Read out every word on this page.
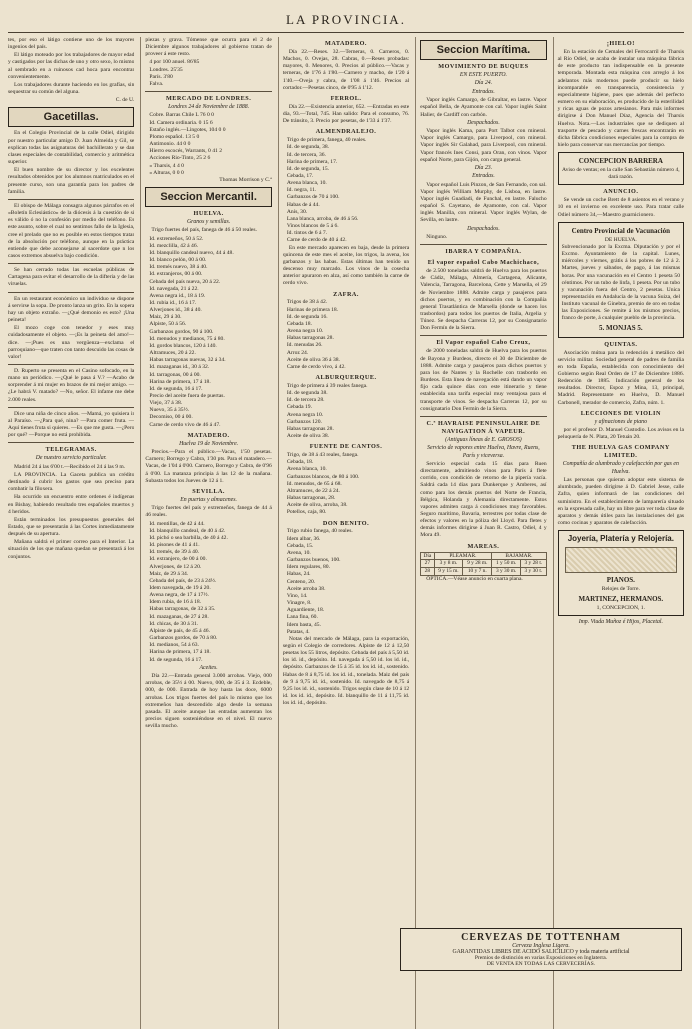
LA PROVINCIA.

tes, por eso el látigo contiene uno de los mayores ingenios del país.

El látigo moteado por los trabajadores de mayor edad y castigados por las dichas de uno y otro sexo, lo mismo al sembrado en a ruinosos cad hoca para encontrar convenientemente.

Los trabajadores durante haciendo en los grafías, sin sequestrar su común del alguna.

C. de U.
Gacetillas.

En el Colegio Provincial de la calle Odiel, dirigido por nuestro particular amigo D. Juan Almeida y Gil, se explican todas las asignaturas del bachillerato y se dan clases especiales de contabilidad, comercio y aritmética superior.

El buen nombre de su director y los excelentes resultados obtenidos por los alumnos matriculados en el presente curso, son una garantía para los padres de familia.

El obispo de Málaga consagra algunos párrafos en el «Boletín Eclesiástico» de la diócesis á la cuestión de si es válido ó no la confesión por medio del teléfono. Es este asunto, sobre el cual no sentimos fallo de la Iglesia, cree el prelado que no es posible en estos tiempos tratar de la absolución por teléfono, aunque en la práctica entiende que debe aconsejarse al sacerdote que n los casos extremos absuelva bajo condición.

Se han cerrado todas las escuelas públicas de Cartagena para evitar el desarrollo de la difteria y de las viruelas.

En un restaurant económico un individuo se dispone á servirse la sopa. De pronto lanza un grito. En la sopera hay un objeto extraño. —¿Qué demonio es esto? ¡Una peineta!

El mozo coge con tenedor y eses muy cuidadosamente el objeto. —¡Es la peineta del amo!—dice. —¡Pues es una vergüenza—exclama el parroquiano—que traten con tanto descuido las cosas de valor!

D. Ruperto se presenta en el Casino sofocado, en la mano un periódico. —¿Qué le pasa á V.? —Acabo de sorprender á mi mujer en brazos de mi mejor amigo. —¿Le habrá V. matado? —No, señor. El infame me debe 2.000 reales.

Dice una niña de cinco años. —Mamá, yo quisiera ir al Paraíso. —¿Para qué, nina? —Para comer fruta. —Aquí tienes fruta si quieres. —Es que me gusta. —¿Pero por qué? —Porque no está prohibida.

TELEGRAMAS.
De nuestro servicio particular.

Madrid 24 á las 6'00 t.—Recibido el 24 á las 9 m.

LA PROVINCIA. La Gaceta publica un crédito destinado á cubrir los gastos que sea preciso para combatir la filoxera.

Ha ocurrido un encuentro entre ordenes é indígenas en Bisbay, habiendo resultado tres españoles muertos y 4 heridos.

Están terminados los presupuestos generales del Estado, que se presentarán á las Cortes inmediatamente después de su apertura.

Mañana saldrá el primer correo para el Interior. La situación de los que mañana quedan se presentará á los conjuntos.

piezas y grava. Tómense que ocurra para el 2 de Diciembre algunos trabajadores al gobierno tratan de proveer á este resto.

4 por 100 anuel. 86'85
Londres. 25'35
París. 3'80
Falva.
MERCADO DE LONDRES.
Londres 24 de Noviembre de 1888.
Cobre. Barras Chile L 76 0 0
Id. Camera ordinaria. 0 15 6
Estaño inglés.—Lingotes, 104 0 0
Plomo español. 13 5 0
Antimonio. 44 0 0
Hierro escocés, Warrants, 0 41 2
Acciones Rio-Tinto, 25 2 6
» Tharsis, 4 4 0
» Alturas, 0 0 0
Thomas Morrison y C.ª
Seccion Mercantil.
HUELVA.
Granos y semillas.

Trigo fuertes del país, fanega de 46 á 50 reales.

Id. extremeños, 50 á 52.
Id. mezclilla, 42 á 46.
Id. blanquillo candeal nuevo, 44 á 48.
Id. blanco pelón, 00 á 00.
Id. tremés nuevo, 38 á 40.
Id. extranjeros, 00 á 00.
Cebada del país nueva, 20 á 22.
Id. navegada, 21 á 22.
Avena negra id., 18 á 19.
Id. rubia id., 16 á 17.
Alverjones id., 38 á 40.
Maiz, 29 á 30.
Alpiste, 50 á 56.
Garbanzos gordos, 90 á 100.
Id. menudos y medianos, 75 á 80.
Id. gordos blancos, 120 á 140.
Altramuces, 20 á 22.
Habas tarragonas nuevas, 32 á 34.
Id. mazaganas id., 30 á 32.
Id. tarragonas, 00 á 00.
Harina de primera, 17 á 18.
Id. de segunda, 16 á 17.
Precio del aceite fuera de puertas.
Viejo, 37 á 38.
Nuevo, 35 á 35½.
Decomiso, 00 á 00.
Carne de cerdo vivo de 46 á 47.
MATADERO.
Huelva 19 de Noviembre.

Precios.—Para el público.—Vacas, 1'50 pesetas. Carnero; Borrego y Cabra, 1'30 pts. Para el matadero.—Vacas, de 1'04 á 0'00. Carnero, Borrego y Cabra, de 0'96 á 0'00. La matanza principia á las 12 de la mañana. Subasta todos los Jueves de 12 á 1.

SEVILLA.
En puertas y almacenes.

Trigo fuertes del país y extremeños, fanega de 44 á 46 reales.

Id. mentillas, de 42 á 44.
Id. blanquillo candeal, de 40 á 42.
Id. pichó o sea barbilla, de 40 á 42.
Id. pisones de 41 á 41.
Id. tremés, de 39 á 40.
Id. extranjero, de 00 á 00.
Alverjones, de 12 á 20.
Maiz, de 29 á 34.
Cebada del país, de 23 á 24½.
Idem navegada, de 19 á 20.
Avena negra, de 17 á 17½.
Idem rubia, de 16 á 18.
Habas tarragonas, de 32 á 35.
Id. mazaganas, de 27 á 28.
Id. chicas, de 30 á 31.
Alpiste de país, de 45 á 46.
Garbanzos gordos, de 70 á 80.
Id. medianos, 54 á 63.
Harina de primera, 17 á 18.
Id. de segunda, 16 á 17.
Aceites.

Día 22.—Entrada general 3.000 arrobas. Viejo, 000 arrobas, de 35½ á 00. Nuevo, 000, de 35 á 3. Ecdeble, 000, de 000. Entrada de hoy hasta las doce, 6000 arrobas. Los trigos fuertes del país lo mismo que los extremeños han descendido algo desde la semana pasada. El aceite aunque las entradas aumentan los precios siguen sosteniéndose en el nivel. El nuevo sevilla mucho.

MATADERO.

Día 22.—Reses. 32.—Terneras, 0. Carneros, 0. Machos, 0. Ovejas, 28. Cabras, 0.—Reses probadas: mayores, 0. Menores, 0. Precios al público.—Vacas y terneras, de 1'76 á 1'80.—Carnero y macho, de 1'20 á 1'40.—Oveja y cabra, de 1'08 á 1'46. Precios al cortador.—Pesetas cinco, de 0'95 á 1'12.

FERROL.

Día 22.—Existencia anterior, 652. —Entradas en este día, 93.—Total, 745. Han salido: Para el consumo, 76. De tránsito, 3. Precio por pesetas, de 1'33 á 1'37.

ALMENDRALEJO.
Trigo de primera, fanega, 40 reales.
Id. de segunda, 38.
Id. de tercera, 36.
Harina de primera, 17.
Id. de segunda, 15.
Cebada, 17.
Avena blanca, 10.
Id. negra, 11.
Garbanzos de 70 á 100.
Habas de á 44.
Anís, 30.
Lana blanca, arroba, de 46 á 56.
Vinos blancos de 5 á 6.
Id. tintos de 6 á 7.
Carne de cerdo de 40 á 42.

En este mercado aparecen en baja, desde la primera quincena de este mes el aceite, los trigos, la avena, los garbanzos y las habas. Estas últimas han tenido un descenso muy marcado. Los vinos de la cosecha anterior apuraron en alza, así como también la carne de cerdo vivo.

ZAFRA.
Trigos de 38 á 42.
Harinas de primera 18.
Id. de segunda 16.
Cebada 18.
Avena negra 10.
Habas tarragonas 28.
Id. menudas 26.
Arroz 24.
Aceite de oliva 36 á 38.
Carne de cerdo vivo, á 42.
ALBURQUERQUE.
Trigo de primera á 39 reales fanega.
Id. de segunda 38.
Id. de tercera 28.
Cebada 19.
Avena negra 10.
Garbanzos 120.
Habas tarragonas 28.
Aceite de oliva 38.
FUENTE DE CANTOS.
Trigo, de 38 á 43 reales, fanega.
Cebada, 18.
Avena blanca, 10.
Garbanzos blancos, de 80 á 100.
Id. menudos, de 65 á 68.
Altramuces, de 22 á 24.
Habas tarragonas, 28.
Aceite de oliva, arroba, 38.
Potellos, caja, 80.
DON BENITO.
Trigo rubio fanega, 40 reales.
Idem albar, 36.
Cebada, 15.
Avena, 10.
Garbanzos buenos, 100.
Idem regulares, 80.
Habas, 24.
Centeno, 20.
Aceite arroba 38.
Vino, 14.
Vinagre, 8.
Aguardiente, 18.
Lana fina, 60.
Idem basta, 45.
Patatas, 4.

Notas del mercado de Málaga, para la exportación, según el Colegio de corredores. Alpiste de 12 á 12,50 pesetas los 55 litros, depósito. Cebada del país á 5,50 id. los id. id., depósito. Id. navegada á 5,50 id. los id. id., depósito. Garbanzos de 15 á 35 id. los id. id., sostenido. Habas de 8 á 8,75 id. los id. id., tonelada. Maiz del país de 9 á 9,75 id. id., sostenido. Id. navegado de 8,75 á 9,25 los id. id., sostenido. Trigos según clase de 10 á 12 id. los id. id., depósito. Id. blanquillo de 11 á 11,75 id. los id. id., depósito.

Seccion Marítima.
MOVIMIENTO DE BUQUES
EN ESTE PUERTO.
Día 24.
Entradas.

Vapor inglés Camargo, de Gibraltar, en lastre. Vapor español Bella, de Ayamonte con cal. Vapor inglés Saint Halier, de Cardiff con carbón.

Despachados.

Vapor inglés Kama, para Port Talbot con mineral. Vapor inglés Camargo, para Liverpool, con mineral. Vapor inglés Sir Galahad, para Liverpool, con mineral. Vapor francés Ines Consi, para Oran, con vinos. Vapor español Norte, para Gijón, con carga general.

Día 23.
Entradas.

Vapor español Luis Pinzon, de San Fernando, con sal. Vapor inglés William Murphy, de Lisboa, en lastre. Vapor inglés Guadiadi, de Funchal, en lastre. Falucho español S. Cayetano, de Ayamonte, con cal. Vapor inglés Manilla, con mineral. Vapor inglés Wylan, de Sevilla, en lastre.

Despachados.

Ninguno.

IBARRA Y COMPAÑIA.
El vapor español Cabo Machichaco,

de 2.500 toneladas saldrá de Huelva para los puertos de Cádiz, Málaga, Almería, Cartagena, Alicante, Valencia, Tarragona, Barcelona, Cette y Marsella, el 29 de Noviembre 1888. Admite carga y pasajeros para dichos puertos, y en combinación con la Compañía general Trasatlántica de Marsella (donde se hacen los trasbordos) para todos los puertos de Italia, Argelia y Túnez. Se despacha Carreras 12, por su Consignatario Don Fermín de la Sierra.

El Vapor español Cabo Creux,

de 2000 toneladas saldrá de Huelva para los puertos de Bayona y Burdeos, directo el 30 de Diciembre de 1888. Admite carga y pasajeros para dichos puertos y para los de Nantes y la Rochelle con trasbordo en Burdeos. Esta línea de navegación está dando un vapor fijo cada quince días con este itinerario y tiene establecida una tarifa especial muy ventajosa para el transporte de vinos. Se despacha Carreras 12, por su consignatario Don Fermín de la Sierra.

C.ª HAVRAISE PENINSULAIRE DE NAVIGATION Á VAPEUR.
(Antiguas líneas de E. GROSOS)
Servicio de vapores entre Huelva, Havre, Ruens, París y viceversa.

Servicio especial cada 15 días para Ruen directamente, admitiendo vinos para París á flete corrido, con condición de retorno de la pipería vacía. Saldrá cada 14 días para Dunkerque y Amberes, así como para los demás puertos del Norte de Francia, Bélgica, Holanda y Alemania directamente. Estos vapores admiten carga á condiciones muy favorables. Seguro marítimo, Bavaria, terrestres por todas clase de efectos y valores en la póliza del Lloyd. Para fletes y demás informes dirigirse á Juan R. Castro, Odiel, 4 y Mora 49.

MAREAS.
Día	PLEAMAR.		BAJAMAR.	
27	3 y 8 m.	9 y 28 m.	1 y 50 m.	3 y 28 t.
28	9 y 15 m.	10 y 7 n.	3 y 30 m.	3 y 30 t.

ÓPTICA.—Véase anuncio en cuarta plana.

¡HIELO!

En la estación de Cemales del Ferrocarril de Tharsis al Río Odiel, se acaba de instalar una máquina fábrica de este producto tan indispensable en la presente temporada. Montada esta máquina con arreglo á los adelantos más modernos puede producir su hielo incomparable en transparencia, consistencia y especialmente higiene, pues que además del perfecto esmero en su elaboración, es producido de la esterilidad y ricas aguas de pozos artesianos. Para más informes dirigirse á Don Manuel Díaz, Agencia del Tharsis Huelva. Nota.—Los industriales que se dediquen al trasporte de pescado y carnes frescas encontrarán en dicha fábrica condiciones especiales para la compra de hielo para conservar sus mercancías por tiempo.

CONCEPCION BARRERA
Aviso de ventas; en la calle San Sebastián número 4, dará razón.
ANUNCIO.

Se vende un coche Brett de 8 asientos en el verano y 10 en el invierno en excelente uso. Para tratar calle Odiel número 34,—Maestro guarnicionero.

Centro Provincial de Vacunación
DE HUELVA.
Subvencionado por la Excma. Diputación y por el Excmo. Ayuntamiento de la capital. Lunes, miércoles y viernes, grátis á los pobres de 12 á 2. Martes, jueves y sábados, de pago, á las mismas horas. Por una vacunación en el Centro 1 peseta 50 céntimos. Por un tubo de linfa, 1 peseta. Por un tubo y vacunación fuera del Centro, 2 pesetas. Unica representación en Andalucía de la vacuna Suiza, del Instituto vacunal de Ginebra, premio de oro en todas las Exposiciones. Se remite á los mismos precios, franco de porte, á cualquier pueblo de la provincia.
5. MONJAS 5.
QUINTAS.

Asociación mútua para la redención á metálico del servicio militar. Sociedad general de padres de familia en toda España, establecida con conocimiento del Gobierno según Real Orden de 17 de Diciembre 1886. Redención de 1885. Indicación general de los resultados. Director, Espoz y Mina, 13, principal, Madrid. Representante en Huelva, D. Manuel Carbonell, merador de comercio, Zafra, núm. 1.

LECCIONES DE VIOLIN
y afinaciones de piano

por el profesor D. Manuel Custodio. Los avisos en la peluquería de N. Plata, 20 Tetuán 20.

THE HUELVA GAS COMPANY LIMITED.
Compañía de alumbrado y calefacción por gas en Huelva.

Las personas que quieran adoptar este sistema de alumbrado, pueden dirigirse á D. Gabriel Jesse, calle Zafra, quien informará de las condiciones del suministro. En el establecimiento de lamparería situado en la expresada calle, hay un libre para ver toda clase de aparatos y demás útiles para las instalaciones del gas como cocinas y aparatos de calefacción.

Joyería, Platería y Relojería.
PIANOS.
Relojes de Torre.
MARTINEZ, HERMANOS.
1, CONCEPCION, 1.
Imp. Viuda Muñoz é Hijos, Placetal.
CERVEZAS DE TOTTENHAM
Cerveza Inglesa Ligera.
GARANTIDAS LIBRES DE ACIDO SALICILICO y toda materia artificial
Premios de distinción en varias Exposiciones en Inglaterra.
DE VENTA EN TODAS LAS CERVECERÍAS.
